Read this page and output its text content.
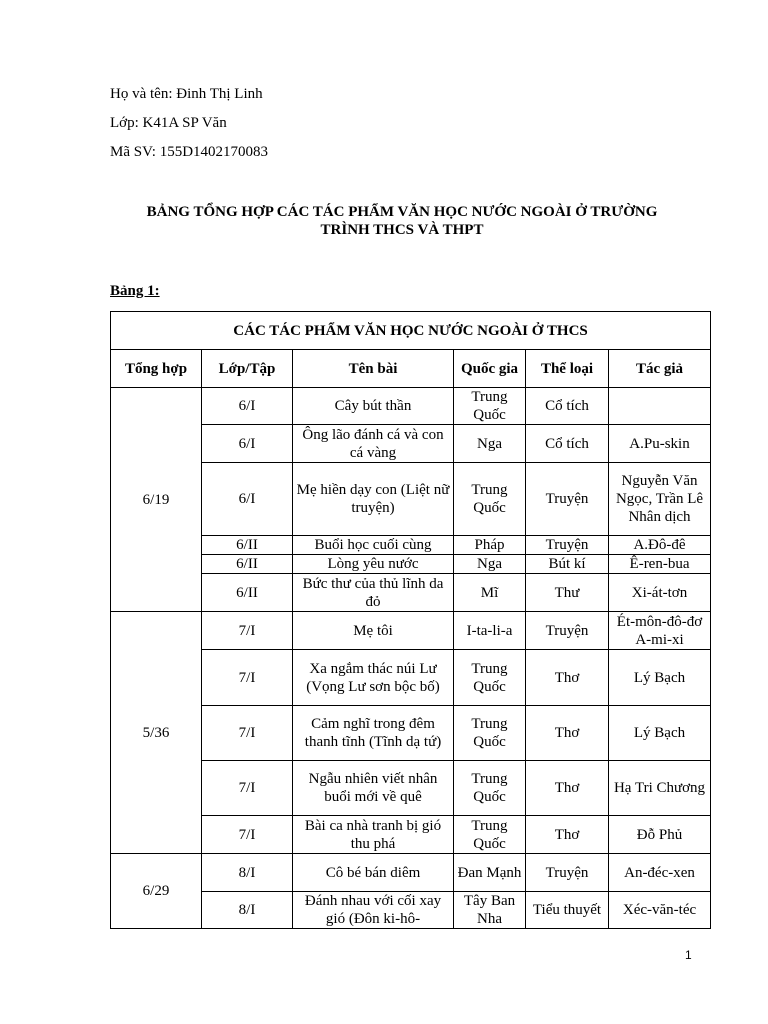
Họ và tên: Đinh Thị Linh
Lớp: K41A SP Văn
Mã SV: 155D1402170083
BẢNG TỔNG HỢP CÁC TÁC PHẨM VĂN HỌC NƯỚC NGOÀI Ở TRƯỜNG
TRÌNH THCS VÀ THPT
Bảng 1:
CÁC TÁC PHẨM VĂN HỌC NƯỚC NGOÀI Ở THCS					
Tổng hợp	Lớp/Tập	Tên bài	Quốc gia	Thể loại	Tác giả
6/19	6/I	Cây bút thần	Trung Quốc	Cổ tích	
	6/I	Ông lão đánh cá và con cá vàng	Nga	Cổ tích	A.Pu-skin
	6/I	Mẹ hiền dạy con (Liệt nữ truyện)	Trung Quốc	Truyện	Nguyễn Văn Ngọc, Trần Lê Nhân dịch
	6/II	Buổi học cuối cùng	Pháp	Truyện	A.Đô-đê
	6/II	Lòng yêu nước	Nga	Bút kí	Ê-ren-bua
	6/II	Bức thư của thủ lĩnh da đỏ	Mĩ	Thư	Xi-át-tơn
5/36	7/I	Mẹ tôi	I-ta-li-a	Truyện	Ét-môn-đô-đơ A-mi-xi
	7/I	Xa ngắm thác núi Lư (Vọng Lư sơn bộc bố)	Trung Quốc	Thơ	Lý Bạch
	7/I	Cảm nghĩ trong đêm thanh tĩnh (Tĩnh dạ tứ)	Trung Quốc	Thơ	Lý Bạch
	7/I	Ngẫu nhiên viết nhân buổi mới về quê	Trung Quốc	Thơ	Hạ Tri Chương
	7/I	Bài ca nhà tranh bị gió thu phá	Trung Quốc	Thơ	Đỗ Phủ
6/29	8/I	Cô bé bán diêm	Đan Mạnh	Truyện	An-đéc-xen
	8/I	Đánh nhau với cối xay gió (Đôn ki-hô-	Tây Ban Nha	Tiểu thuyết	Xéc-văn-téc
1
